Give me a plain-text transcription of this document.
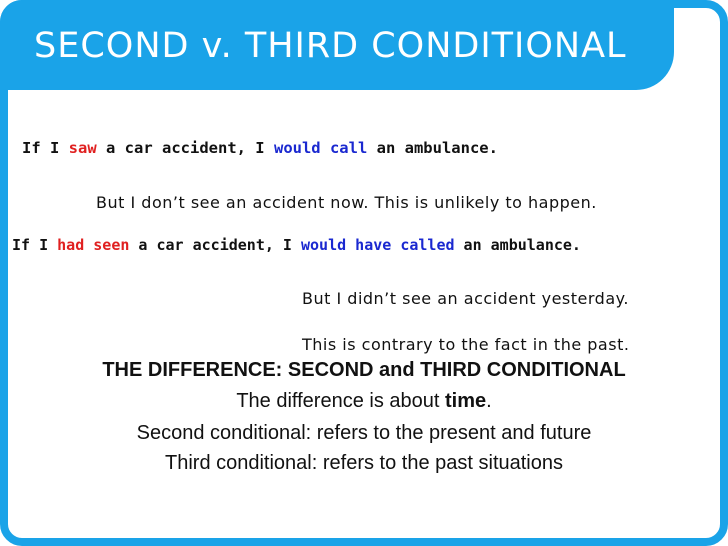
SECOND v. THIRD CONDITIONAL
If I saw a car accident, I would call an ambulance.
But I don’t see an accident now. This is unlikely to happen.
If I had seen a car accident, I would have called an ambulance.
But I didn’t see an accident yesterday.
This is contrary to the fact in the past.
THE DIFFERENCE: SECOND and THIRD CONDITIONAL
The difference is about time.
Second conditional: refers to the present and future
Third conditional: refers to the past situations
